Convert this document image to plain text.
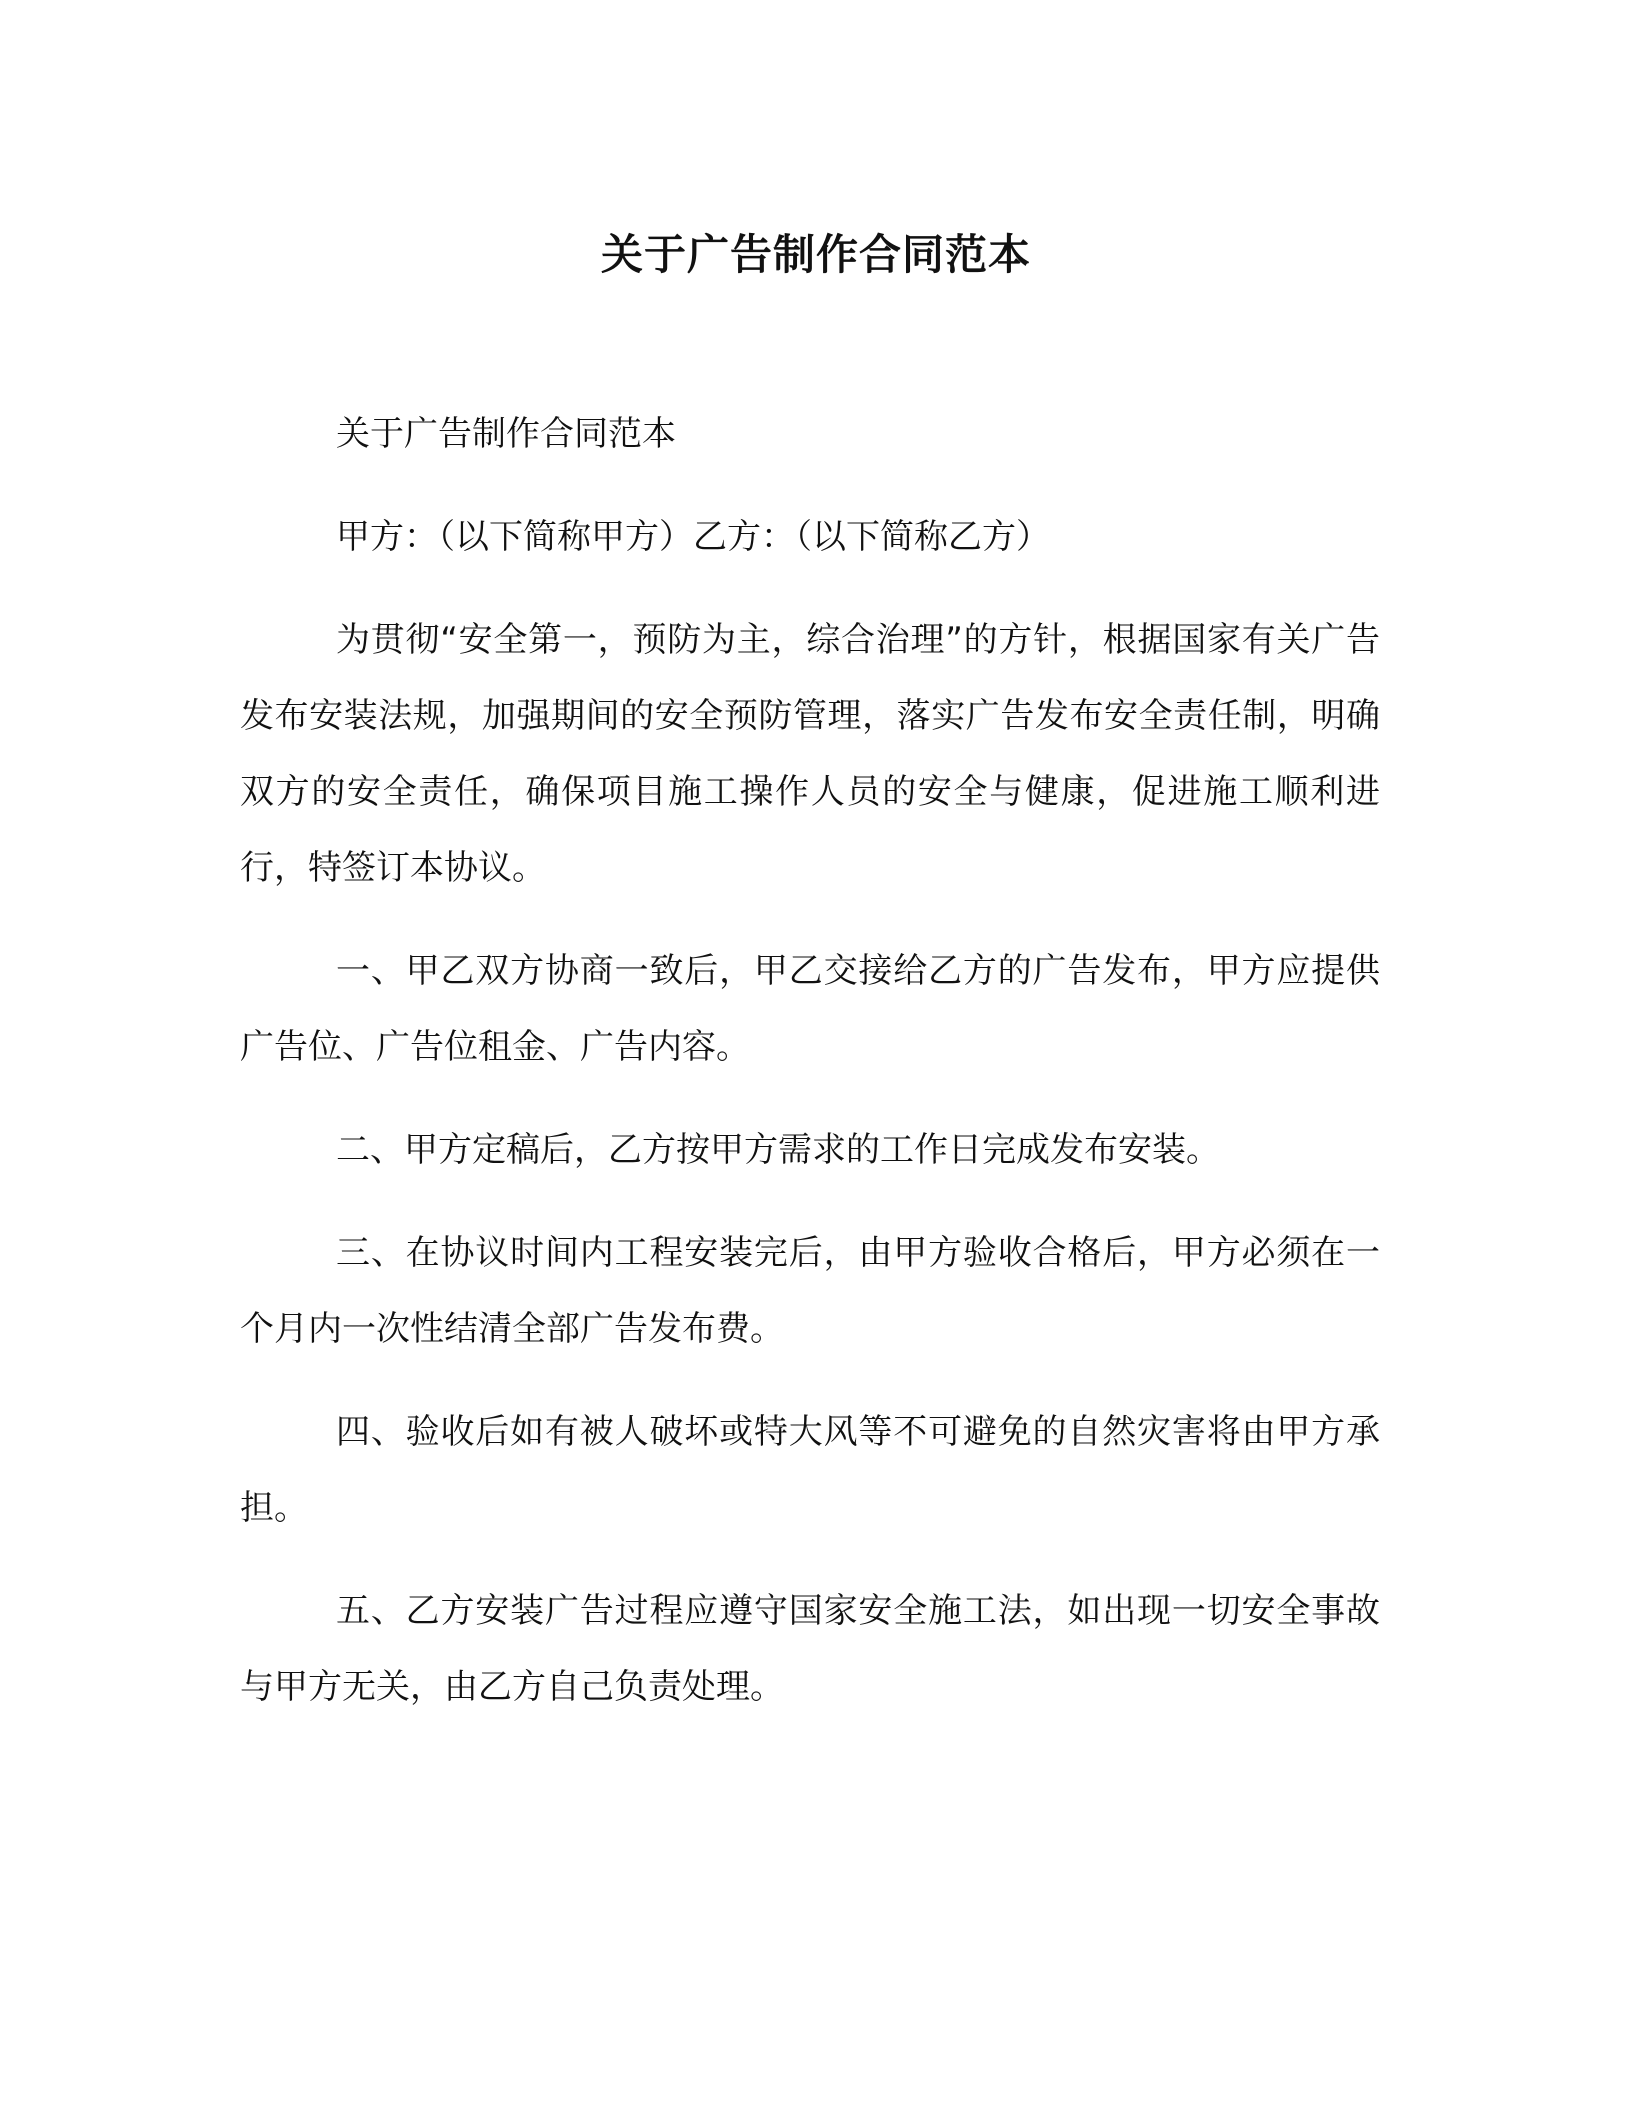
关于广告制作合同范本

关于广告制作合同范本

甲方：（以下简称甲方）乙方：（以下简称乙方）

为贯彻“安全第一，预防为主，综合治理”的方针，根据国家有关广告发布安装法规，加强期间的安全预防管理，落实广告发布安全责任制，明确双方的安全责任，确保项目施工操作人员的安全与健康，促进施工顺利进行，特签订本协议。

一、甲乙双方协商一致后，甲乙交接给乙方的广告发布，甲方应提供广告位、广告位租金、广告内容。

二、甲方定稿后，乙方按甲方需求的工作日完成发布安装。

三、在协议时间内工程安装完后，由甲方验收合格后，甲方必须在一个月内一次性结清全部广告发布费。

四、验收后如有被人破坏或特大风等不可避免的自然灾害将由甲方承担。

五、乙方安装广告过程应遵守国家安全施工法，如出现一切安全事故与甲方无关，由乙方自己负责处理。
